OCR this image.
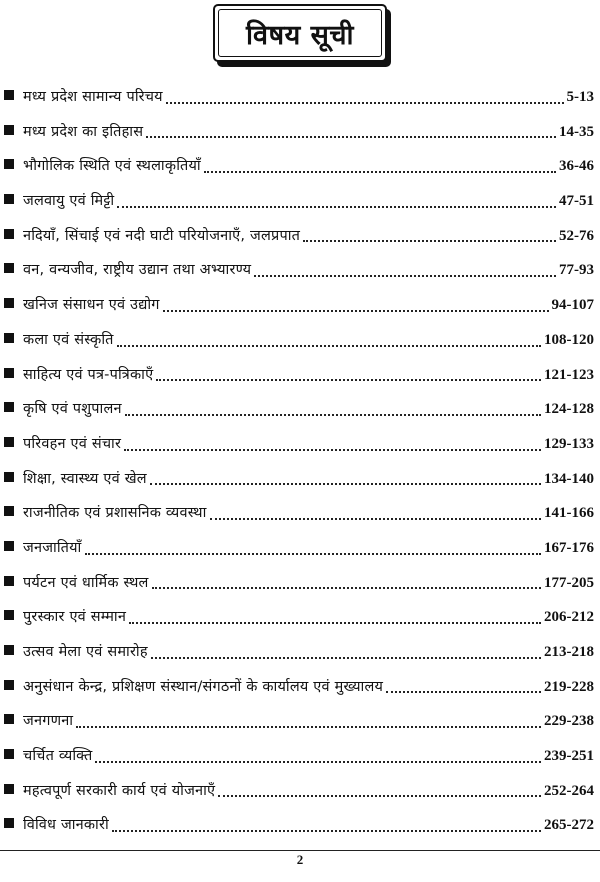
विषय सूची
मध्य प्रदेश सामान्य परिचय	5-13
मध्य प्रदेश का इतिहास	14-35
भौगोलिक स्थिति एवं स्थलाकृतियाँ	36-46
जलवायु एवं मिट्टी	47-51
नदियाँ, सिंचाई एवं नदी घाटी परियोजनाएँ, जलप्रपात	52-76
वन, वन्यजीव, राष्ट्रीय उद्यान तथा अभ्यारण्य	77-93
खनिज संसाधन एवं उद्योग	94-107
कला एवं संस्कृति	108-120
साहित्य एवं पत्र-पत्रिकाएँ	121-123
कृषि एवं पशुपालन	124-128
परिवहन एवं संचार	129-133
शिक्षा, स्वास्थ्य एवं खेल	134-140
राजनीतिक एवं प्रशासनिक व्यवस्था	141-166
जनजातियाँ	167-176
पर्यटन एवं धार्मिक स्थल	177-205
पुरस्कार एवं सम्मान	206-212
उत्सव मेला एवं समारोह	213-218
अनुसंधान केन्द्र, प्रशिक्षण संस्थान/संगठनों के कार्यालय एवं मुख्यालय	219-228
जनगणना	229-238
चर्चित व्यक्ति	239-251
महत्वपूर्ण सरकारी कार्य एवं योजनाएँ	252-264
विविध जानकारी	265-272
2
